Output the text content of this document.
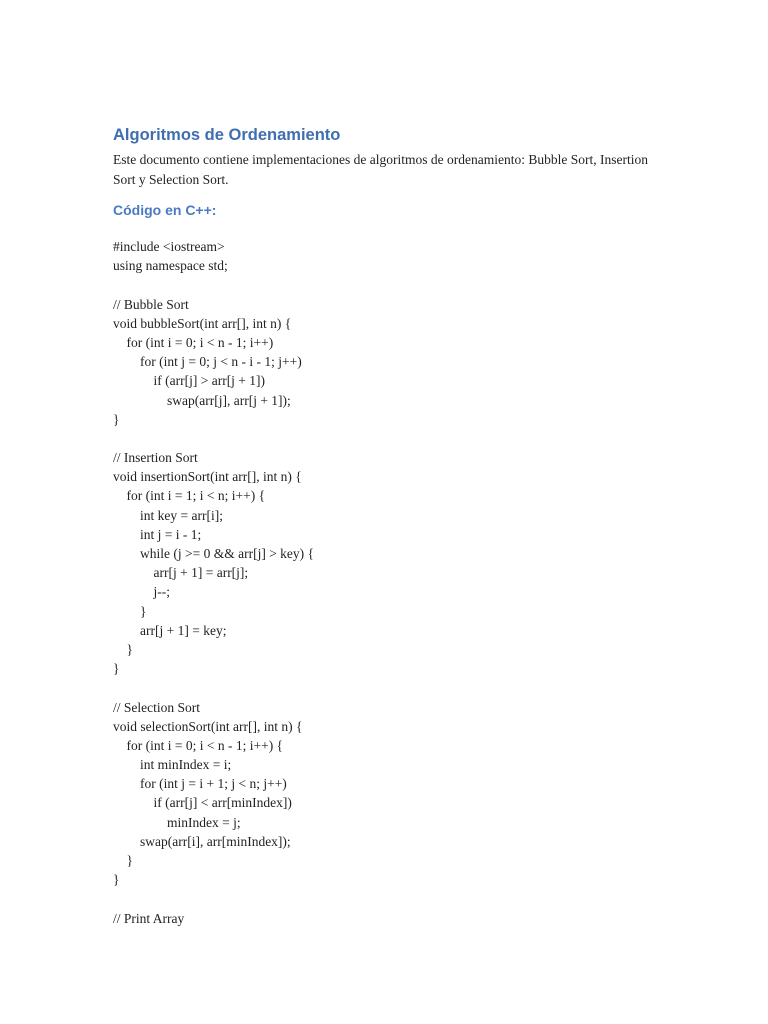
Algoritmos de Ordenamiento

Este documento contiene implementaciones de algoritmos de ordenamiento: Bubble Sort, Insertion Sort y Selection Sort.

Código en C++:
#include <iostream>
using namespace std;
// Bubble Sort
void bubbleSort(int arr[], int n) {
for (int i = 0; i < n - 1; i++)
for (int j = 0; j < n - i - 1; j++)
if (arr[j] > arr[j + 1])
swap(arr[j], arr[j + 1]);
}
// Insertion Sort
void insertionSort(int arr[], int n) {
for (int i = 1; i < n; i++) {
int key = arr[i];
int j = i - 1;
while (j >= 0 && arr[j] > key) {
arr[j + 1] = arr[j];
j--;
}
arr[j + 1] = key;
}
}
// Selection Sort
void selectionSort(int arr[], int n) {
for (int i = 0; i < n - 1; i++) {
int minIndex = i;
for (int j = i + 1; j < n; j++)
if (arr[j] < arr[minIndex])
minIndex = j;
swap(arr[i], arr[minIndex]);
}
}
// Print Array
